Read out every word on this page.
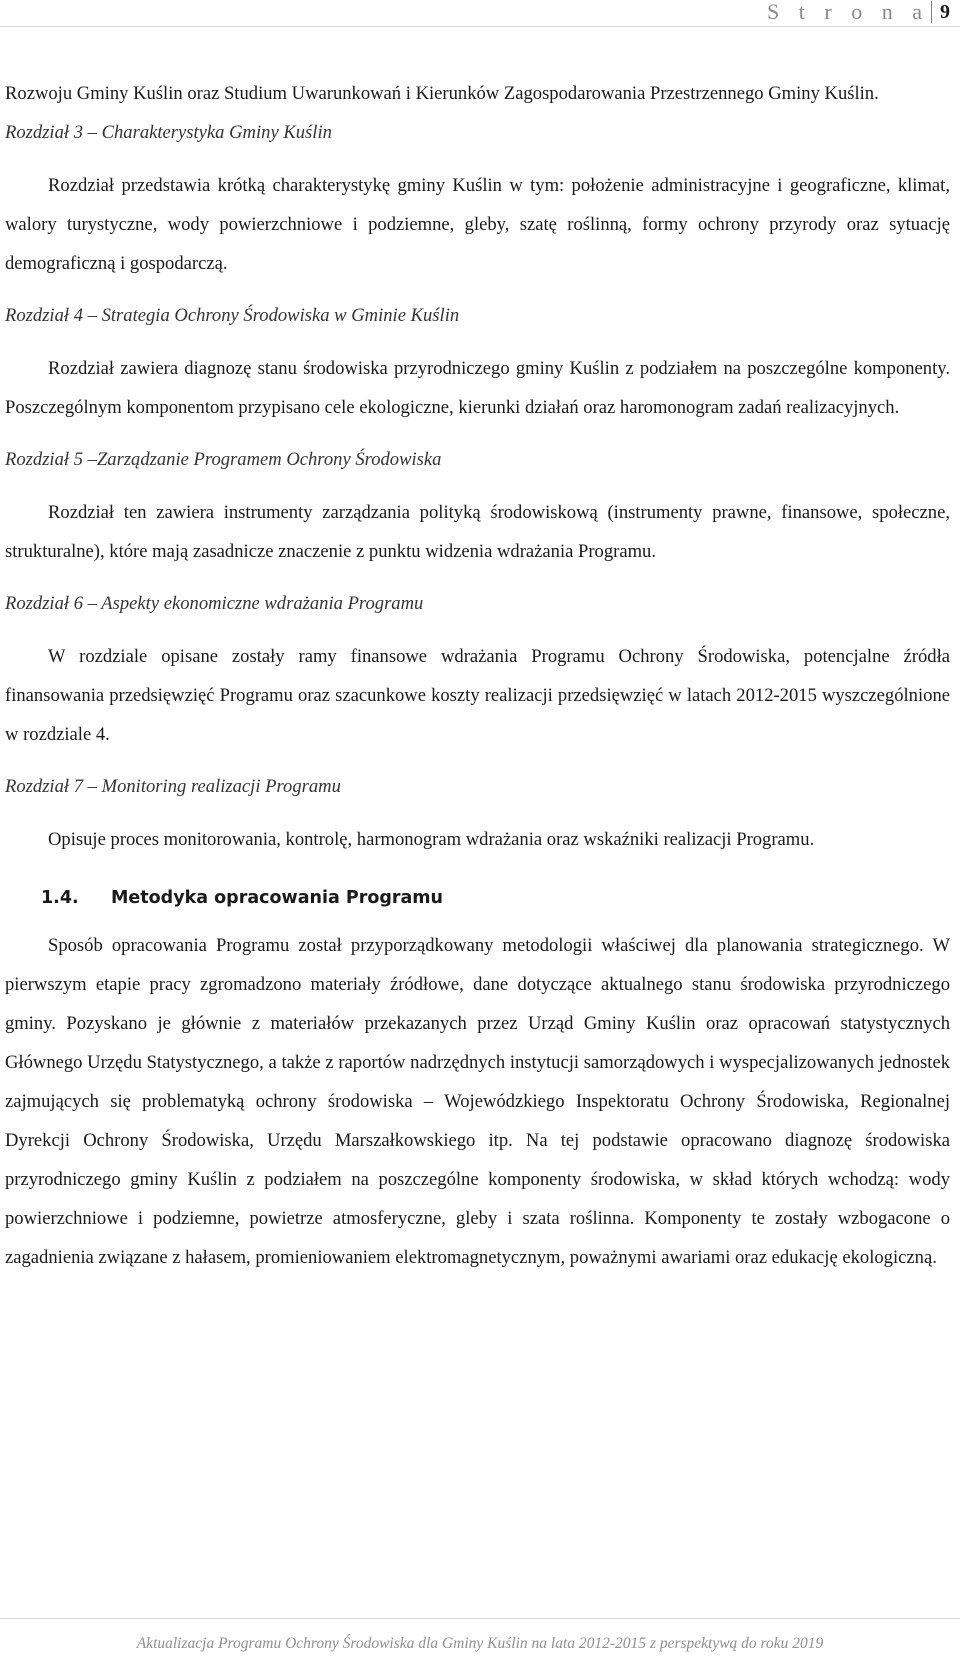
S t r o n a 9

Rozwoju Gminy Kuślin oraz Studium Uwarunkowań i Kierunków Zagospodarowania Przestrzennego Gminy Kuślin.

Rozdział 3 – Charakterystyka Gminy Kuślin

Rozdział przedstawia krótką charakterystykę gminy Kuślin w tym: położenie administracyjne i geograficzne, klimat, walory turystyczne, wody powierzchniowe i podziemne, gleby, szatę roślinną, formy ochrony przyrody oraz sytuację demograficzną i gospodarczą.

Rozdział 4 – Strategia Ochrony Środowiska w Gminie Kuślin

Rozdział zawiera diagnozę stanu środowiska przyrodniczego gminy Kuślin z podziałem na poszczególne komponenty. Poszczególnym komponentom przypisano cele ekologiczne, kierunki działań oraz haromonogram zadań realizacyjnych.

Rozdział 5 –Zarządzanie Programem Ochrony Środowiska

Rozdział ten zawiera instrumenty zarządzania polityką środowiskową (instrumenty prawne, finansowe, społeczne, strukturalne), które mają zasadnicze znaczenie z punktu widzenia wdrażania Programu.

Rozdział 6 – Aspekty ekonomiczne wdrażania Programu

W rozdziale opisane zostały ramy finansowe wdrażania Programu Ochrony Środowiska, potencjalne źródła finansowania przedsięwzięć Programu oraz szacunkowe koszty realizacji przedsięwzięć w latach 2012-2015 wyszczególnione w rozdziale 4.

Rozdział 7 – Monitoring realizacji Programu

Opisuje proces monitorowania, kontrolę, harmonogram wdrażania oraz wskaźniki realizacji Programu.

1.4.	Metodyka opracowania Programu

Sposób opracowania Programu został przyporządkowany metodologii właściwej dla planowania strategicznego. W pierwszym etapie pracy zgromadzono materiały źródłowe, dane dotyczące aktualnego stanu środowiska przyrodniczego gminy. Pozyskano je głównie z materiałów przekazanych przez Urząd Gminy Kuślin oraz opracowań statystycznych Głównego Urzędu Statystycznego, a także z raportów nadrzędnych instytucji samorządowych i wyspecjalizowanych jednostek zajmujących się problematyką ochrony środowiska – Wojewódzkiego Inspektoratu Ochrony Środowiska, Regionalnej Dyrekcji Ochrony Środowiska, Urzędu Marszałkowskiego itp. Na tej podstawie opracowano diagnozę środowiska przyrodniczego gminy Kuślin z podziałem na poszczególne komponenty środowiska, w skład których wchodzą: wody powierzchniowe i podziemne, powietrze atmosferyczne, gleby i szata roślinna. Komponenty te zostały wzbogacone o zagadnienia związane z hałasem, promieniowaniem elektromagnetycznym, poważnymi awariami oraz edukację ekologiczną.

Aktualizacja Programu Ochrony Środowiska dla Gminy Kuślin na lata 2012-2015 z perspektywą do roku 2019
